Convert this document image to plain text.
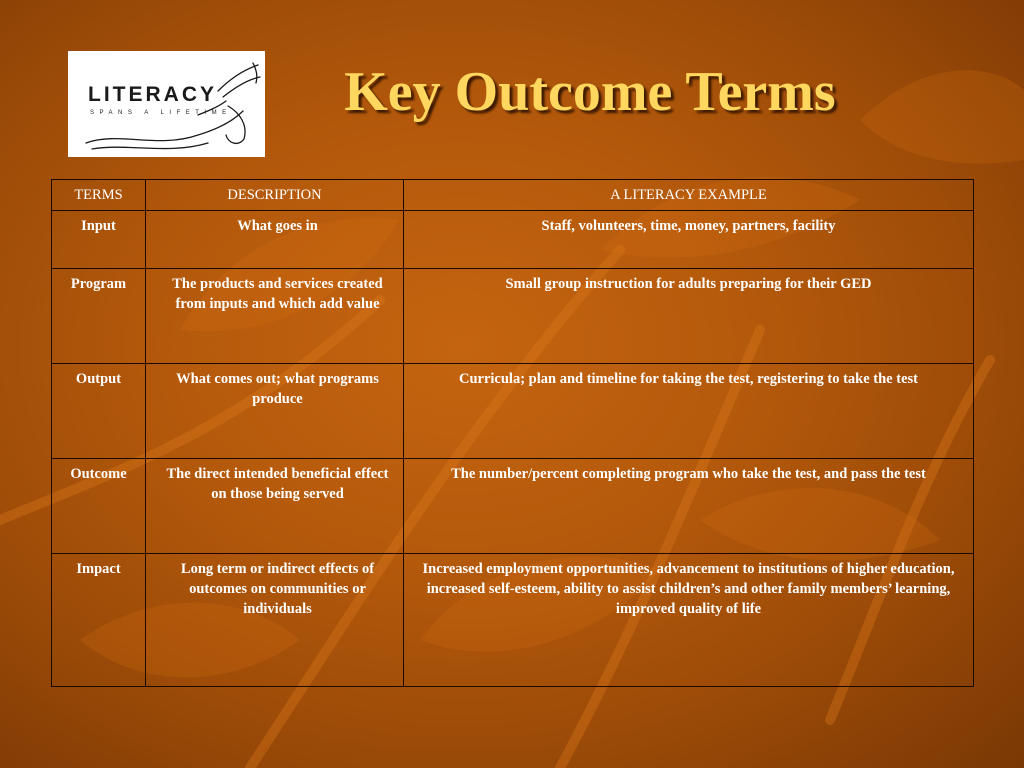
LITERACY
SPANS A LIFETIME	Key Outcome Terms
TERMS	DESCRIPTION	A LITERACY EXAMPLE
Input	What goes in	Staff, volunteers, time, money, partners, facility
Program	The products and services created from inputs and which add value	Small group instruction for adults preparing for their GED
Output	What comes out; what programs produce	Curricula; plan and timeline for taking the test, registering to take the test
Outcome	The direct intended beneficial effect on those being served	The number/percent completing program who take the test, and pass the test
Impact	Long term or indirect effects of outcomes on communities or individuals	Increased employment opportunities, advancement to institutions of higher education, increased self-esteem, ability to assist children’s and other family members’ learning, improved quality of life
